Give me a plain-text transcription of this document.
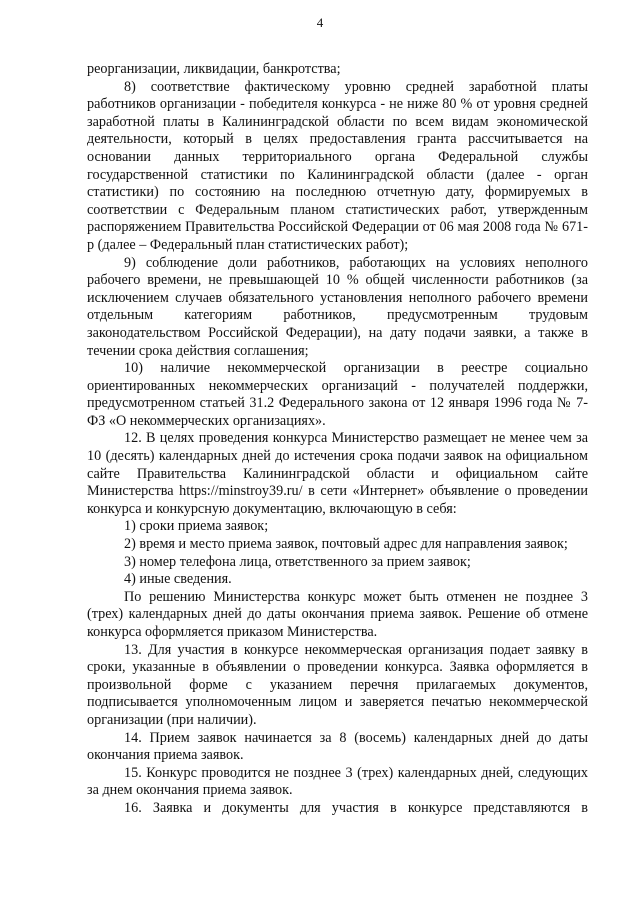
4

реорганизации, ликвидации, банкротства;

8) соответствие фактическому уровню средней заработной платы работников организации - победителя конкурса - не ниже 80 % от уровня средней заработной платы в Калининградской области по всем видам экономической деятельности, который в целях предоставления гранта рассчитывается на основании данных территориального органа Федеральной службы государственной статистики по Калининградской области (далее - орган статистики) по состоянию на последнюю отчетную дату, формируемых в соответствии с Федеральным планом статистических работ, утвержденным распоряжением Правительства Российской Федерации от 06 мая 2008 года № 671-р (далее – Федеральный план статистических работ);

9) соблюдение доли работников, работающих на условиях неполного рабочего времени, не превышающей 10 % общей численности работников (за исключением случаев обязательного установления неполного рабочего времени отдельным категориям работников, предусмотренным трудовым законодательством Российской Федерации), на дату подачи заявки, а также в течении срока действия соглашения;

10) наличие некоммерческой организации в реестре социально ориентированных некоммерческих организаций - получателей поддержки, предусмотренном статьей 31.2 Федерального закона от 12 января 1996 года № 7-ФЗ «О некоммерческих организациях».

12. В целях проведения конкурса Министерство размещает не менее чем за 10 (десять) календарных дней до истечения срока подачи заявок на официальном сайте Правительства Калининградской области и официальном сайте Министерства https://minstroy39.ru/ в сети «Интернет» объявление о проведении конкурса и конкурсную документацию, включающую в себя:

1) сроки приема заявок;

2) время и место приема заявок, почтовый адрес для направления заявок;

3) номер телефона лица, ответственного за прием заявок;

4) иные сведения.

По решению Министерства конкурс может быть отменен не позднее 3 (трех) календарных дней до даты окончания приема заявок. Решение об отмене конкурса оформляется приказом Министерства.

13. Для участия в конкурсе некоммерческая организация подает заявку в сроки, указанные в объявлении о проведении конкурса. Заявка оформляется в произвольной форме с указанием перечня прилагаемых документов, подписывается уполномоченным лицом и заверяется печатью некоммерческой организации (при наличии).

14. Прием заявок начинается за 8 (восемь) календарных дней до даты окончания приема заявок.

15. Конкурс проводится не позднее 3 (трех) календарных дней, следующих за днем окончания приема заявок.

16. Заявка и документы для участия в конкурсе представляются в
